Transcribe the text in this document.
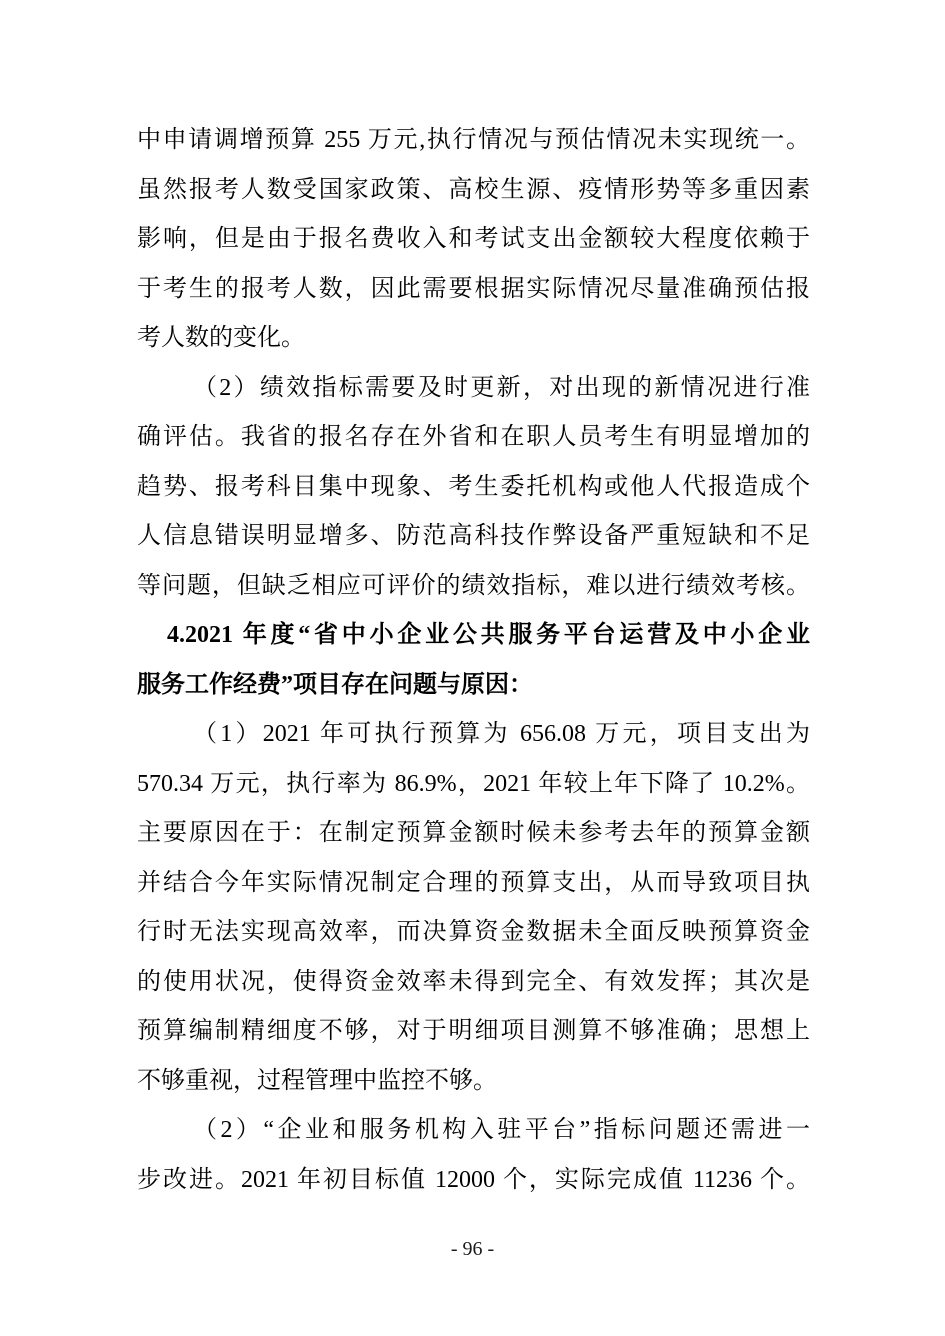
中申请调增预算 255 万元,执行情况与预估情况未实现统一。
虽然报考人数受国家政策、高校生源、疫情形势等多重因素
影响，但是由于报名费收入和考试支出金额较大程度依赖于
于考生的报考人数，因此需要根据实际情况尽量准确预估报
考人数的变化。
（2）绩效指标需要及时更新，对出现的新情况进行准
确评估。我省的报名存在外省和在职人员考生有明显增加的
趋势、报考科目集中现象、考生委托机构或他人代报造成个
人信息错误明显增多、防范高科技作弊设备严重短缺和不足
等问题，但缺乏相应可评价的绩效指标，难以进行绩效考核。
4.2021 年度“省中小企业公共服务平台运营及中小企业
服务工作经费”项目存在问题与原因：
（1）2021 年可执行预算为 656.08 万元，项目支出为
570.34 万元，执行率为 86.9%，2021 年较上年下降了 10.2%。
主要原因在于：在制定预算金额时候未参考去年的预算金额
并结合今年实际情况制定合理的预算支出，从而导致项目执
行时无法实现高效率，而决算资金数据未全面反映预算资金
的使用状况，使得资金效率未得到完全、有效发挥；其次是
预算编制精细度不够，对于明细项目测算不够准确；思想上
不够重视，过程管理中监控不够。
（2）“企业和服务机构入驻平台”指标问题还需进一
步改进。2021 年初目标值 12000 个，实际完成值 11236 个。
- 96 -
